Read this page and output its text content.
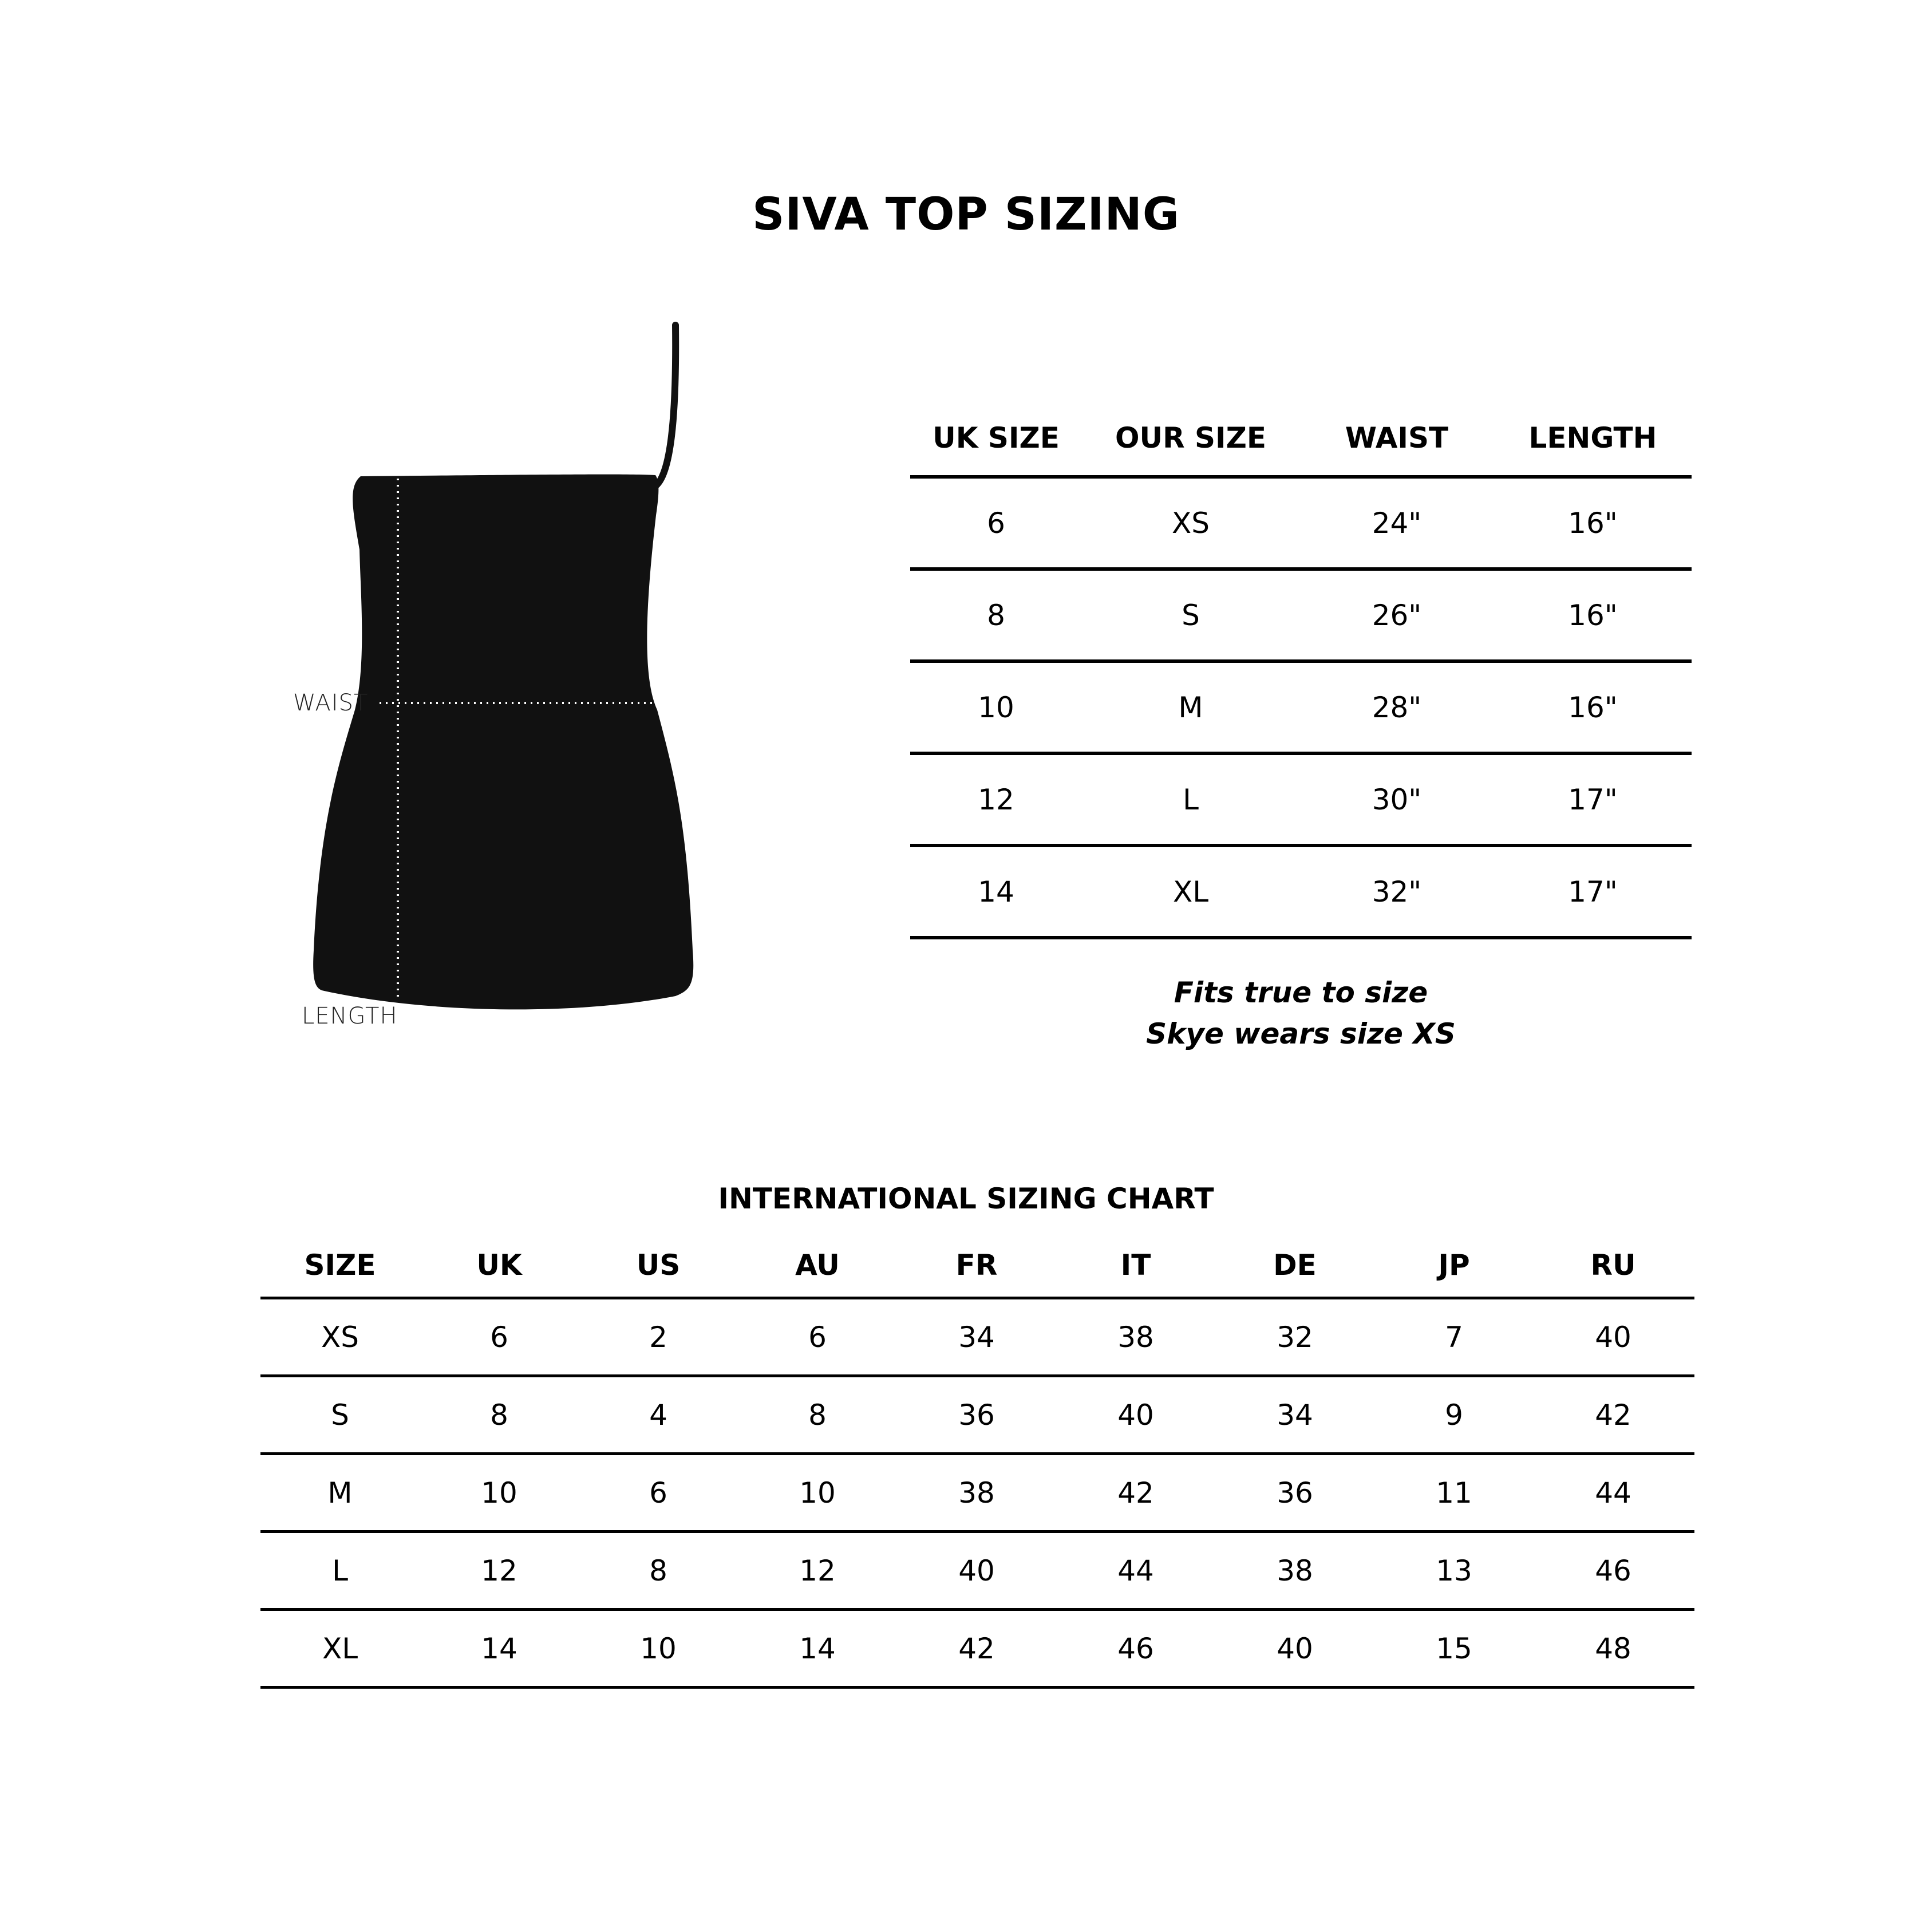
SIVA TOP SIZING
WAIST
LENGTH
UK SIZE	OUR SIZE	WAIST	LENGTH
6	XS	24"	16"
8	S	26"	16"
10	M	28"	16"
12	L	30"	17"
14	XL	32"	17"
Fits true to size
Skye wears size XS
INTERNATIONAL SIZING CHART
SIZE	UK	US	AU	FR	IT	DE	JP	RU
XS	6	2	6	34	38	32	7	40
S	8	4	8	36	40	34	9	42
M	10	6	10	38	42	36	11	44
L	12	8	12	40	44	38	13	46
XL	14	10	14	42	46	40	15	48
